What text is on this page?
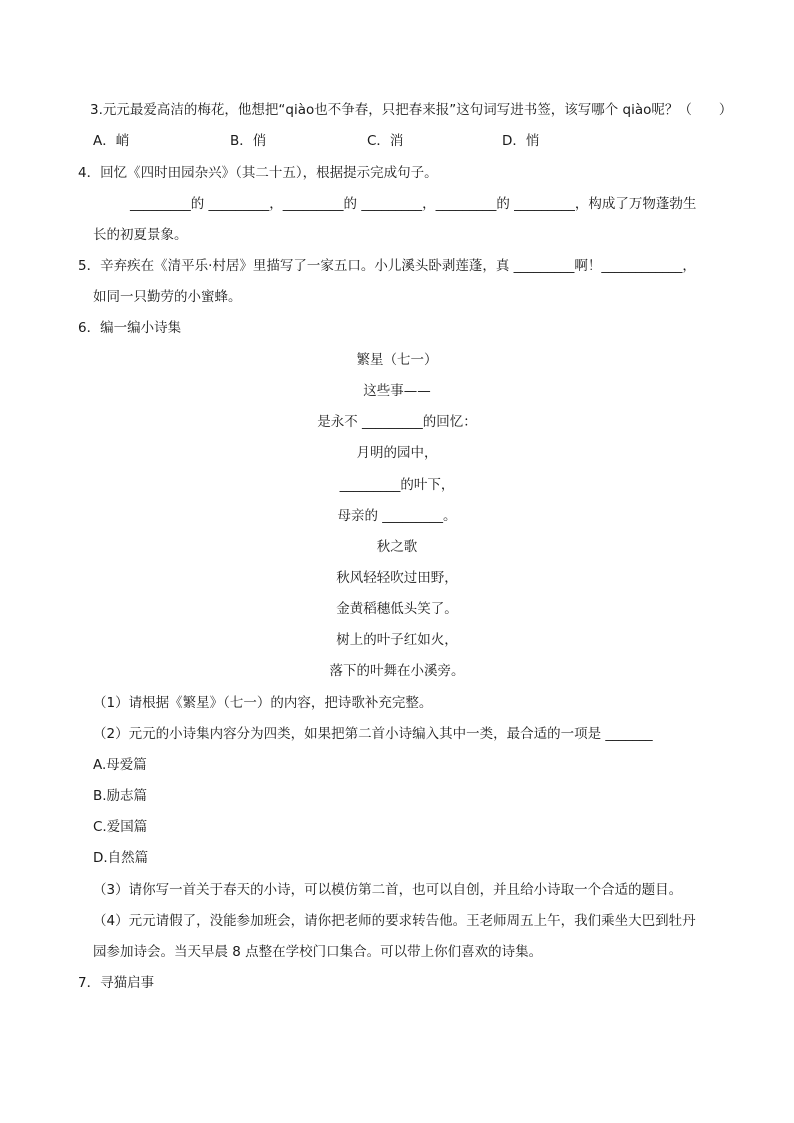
3.元元最爱高洁的梅花，他想把“qiào也不争春，只把春来报”这句词写进书签，该写哪个 qiào呢？（　　）
A．峭	B．俏	C．消	D．悄
4．回忆《四时田园杂兴》（其二十五），根据提示完成句子。
_________的 _________，_________的 _________，_________的 _________，构成了万物蓬勃生
长的初夏景象。
5．辛弃疾在《清平乐·村居》里描写了一家五口。小儿溪头卧剥莲蓬，真 _________啊！____________，
如同一只勤劳的小蜜蜂。
6．编一编小诗集
繁星（七一）
这些事——
是永不 _________的回忆：
月明的园中，
_________的叶下，
母亲的 _________。
秋之歌
秋风轻轻吹过田野，
金黄稻穗低头笑了。
树上的叶子红如火，
落下的叶舞在小溪旁。
（1）请根据《繁星》（七一）的内容，把诗歌补充完整。
（2）元元的小诗集内容分为四类，如果把第二首小诗编入其中一类，最合适的一项是 _______
A.母爱篇
B.励志篇
C.爱国篇
D.自然篇
（3）请你写一首关于春天的小诗，可以模仿第二首，也可以自创，并且给小诗取一个合适的题目。
（4）元元请假了，没能参加班会，请你把老师的要求转告他。王老师周五上午，我们乘坐大巴到牡丹
园参加诗会。当天早晨 8 点整在学校门口集合。可以带上你们喜欢的诗集。
7．寻猫启事
